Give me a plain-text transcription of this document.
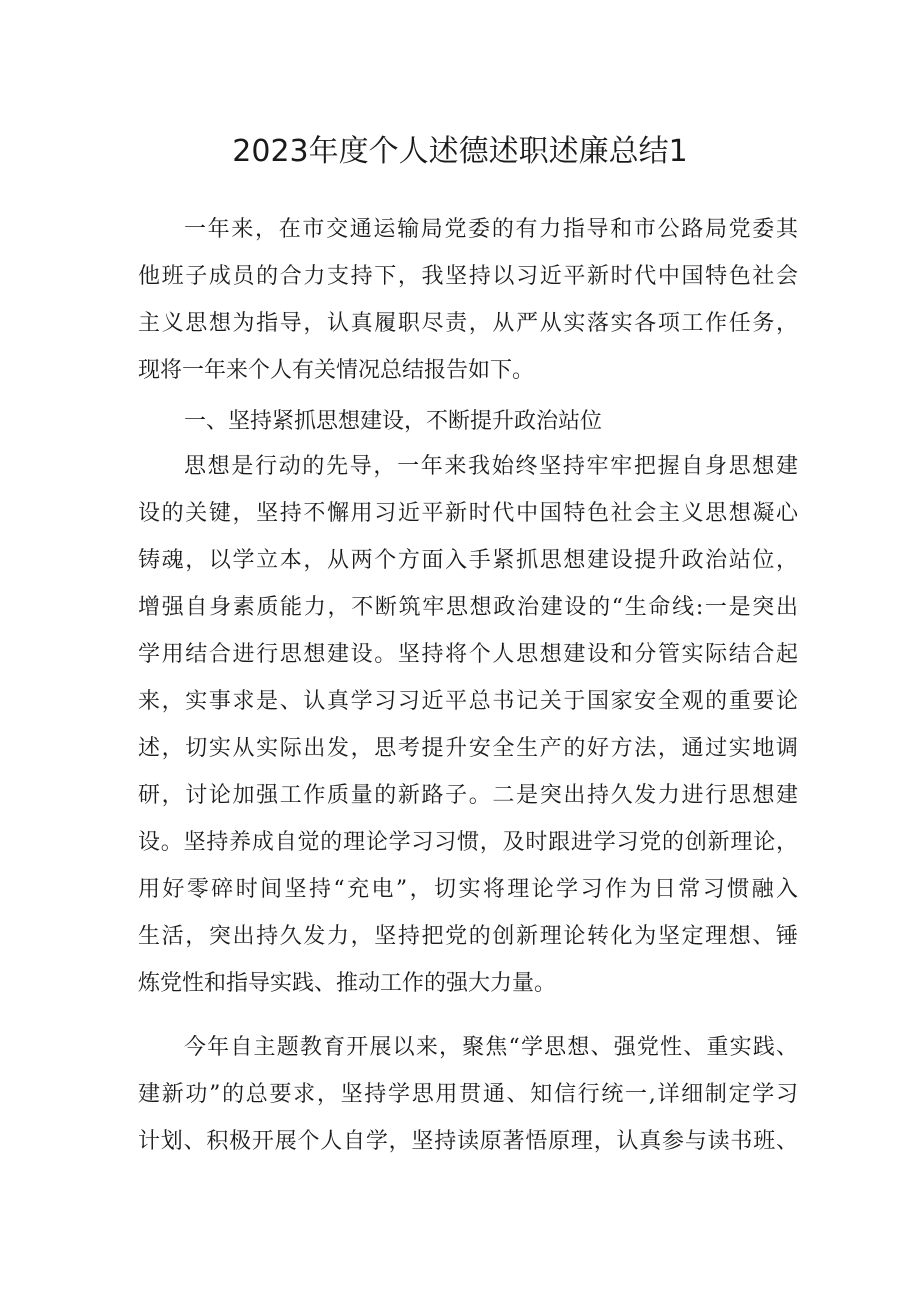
2023年度个人述德述职述廉总结1
一年来，在市交通运输局党委的有力指导和市公路局党委其
他班子成员的合力支持下，我坚持以习近平新时代中国特色社会
主义思想为指导，认真履职尽责，从严从实落实各项工作任务，
现将一年来个人有关情况总结报告如下。
一、坚持紧抓思想建设，不断提升政治站位
思想是行动的先导，一年来我始终坚持牢牢把握自身思想建
设的关键，坚持不懈用习近平新时代中国特色社会主义思想凝心
铸魂，以学立本，从两个方面入手紧抓思想建设提升政治站位，
增强自身素质能力，不断筑牢思想政治建设的“生命线:一是突出
学用结合进行思想建设。坚持将个人思想建设和分管实际结合起
来，实事求是、认真学习习近平总书记关于国家安全观的重要论
述，切实从实际出发，思考提升安全生产的好方法，通过实地调
研，讨论加强工作质量的新路子。二是突出持久发力进行思想建
设。坚持养成自觉的理论学习习惯，及时跟进学习党的创新理论，
用好零碎时间坚持“充电”，切实将理论学习作为日常习惯融入
生活，突出持久发力，坚持把党的创新理论转化为坚定理想、锤
炼党性和指导实践、推动工作的强大力量。
今年自主题教育开展以来，聚焦“学思想、强党性、重实践、
建新功”的总要求，坚持学思用贯通、知信行统一,详细制定学习
计划、积极开展个人自学，坚持读原著悟原理，认真参与读书班、
